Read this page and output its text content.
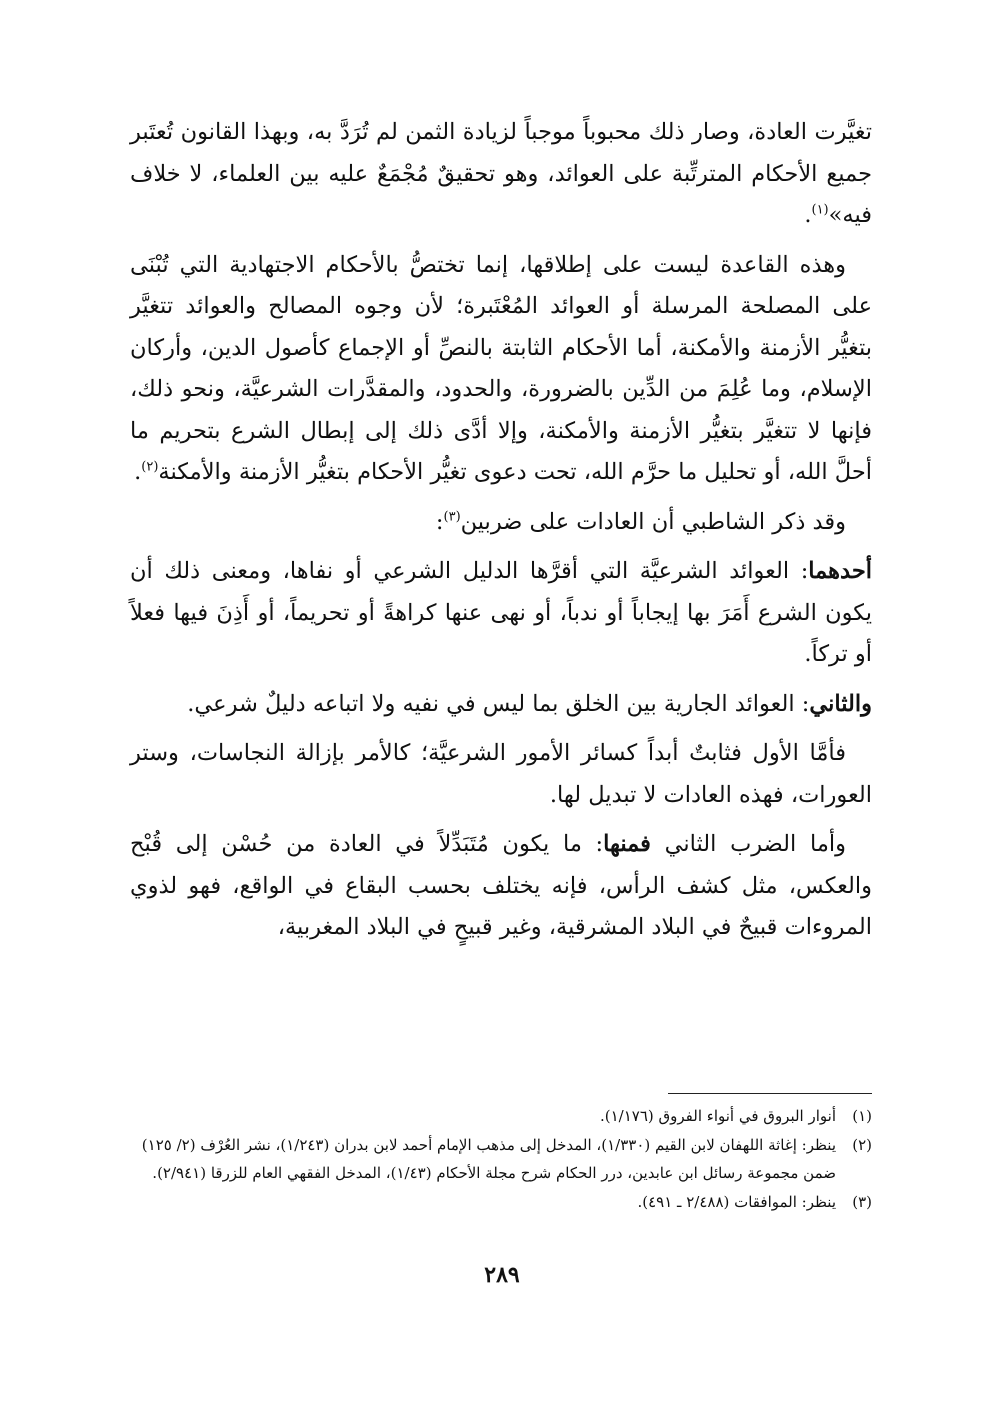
تغيَّرت العادة، وصار ذلك محبوباً موجباً لزيادة الثمن لم تُرَدَّ به، وبهذا القانون تُعتَبر جميع الأحكام المترتِّبة على العوائد، وهو تحقيقٌ مُجْمَعٌ عليه بين العلماء، لا خلاف فيه»$^{(١)}$.

وهذه القاعدة ليست على إطلاقها، إنما تختصُّ بالأحكام الاجتهادية التي تُبْنَى على المصلحة المرسلة أو العوائد المُعْتَبرة؛ لأن وجوه المصالح والعوائد تتغيَّر بتغيُّر الأزمنة والأمكنة، أما الأحكام الثابتة بالنصِّ أو الإجماع كأصول الدين، وأركان الإسلام، وما عُلِمَ من الدِّين بالضرورة، والحدود، والمقدَّرات الشرعيَّة، ونحو ذلك، فإنها لا تتغيَّر بتغيُّر الأزمنة والأمكنة، وإلا أدَّى ذلك إلى إبطال الشرع بتحريم ما أحلَّ الله، أو تحليل ما حرَّم الله، تحت دعوى تغيُّر الأحكام بتغيُّر الأزمنة والأمكنة$^{(٢)}$.

وقد ذكر الشاطبي أن العادات على ضربين$^{(٣)}$:

أحدهما: العوائد الشرعيَّة التي أقرَّها الدليل الشرعي أو نفاها، ومعنى ذلك أن يكون الشرع أَمَرَ بها إيجاباً أو ندباً، أو نهى عنها كراهةً أو تحريماً، أو أَذِنَ فيها فعلاً أو تركاً.

والثاني: العوائد الجارية بين الخلق بما ليس في نفيه ولا اتباعه دليلٌ شرعي.

فأمَّا الأول فثابتٌ أبداً كسائر الأمور الشرعيَّة؛ كالأمر بإزالة النجاسات، وستر العورات، فهذه العادات لا تبديل لها.

وأما الضرب الثاني فمنها: ما يكون مُتَبَدِّلاً في العادة من حُسْن إلى قُبْح والعكس، مثل كشف الرأس، فإنه يختلف بحسب البقاع في الواقع، فهو لذوي المروءات قبيحٌ في البلاد المشرقية، وغير قبيحٍ في البلاد المغربية،

(١)
أنوار البروق في أنواء الفروق (١/١٧٦).
(٢)
ينظر: إغاثة اللهفان لابن القيم (١/٣٣٠)، المدخل إلى مذهب الإمام أحمد لابن بدران (١/٢٤٣)، نشر العُرْف (٢/ ١٢٥) ضمن مجموعة رسائل ابن عابدين، درر الحكام شرح مجلة الأحكام (١/٤٣)، المدخل الفقهي العام للزرقا (٢/٩٤١).
(٣)
ينظر: الموافقات (٢/٤٨٨ ـ ٤٩١).
٢٨٩
